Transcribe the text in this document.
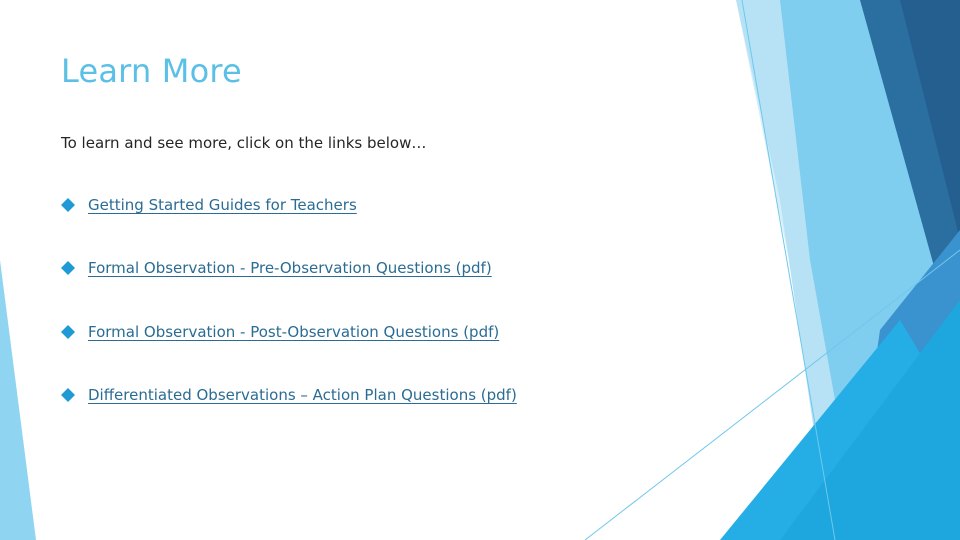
Learn More

To learn and see more, click on the links below…

Getting Started Guides for Teachers
Formal Observation - Pre-Observation Questions (pdf)
Formal Observation - Post-Observation Questions (pdf)
Differentiated Observations – Action Plan Questions (pdf)
